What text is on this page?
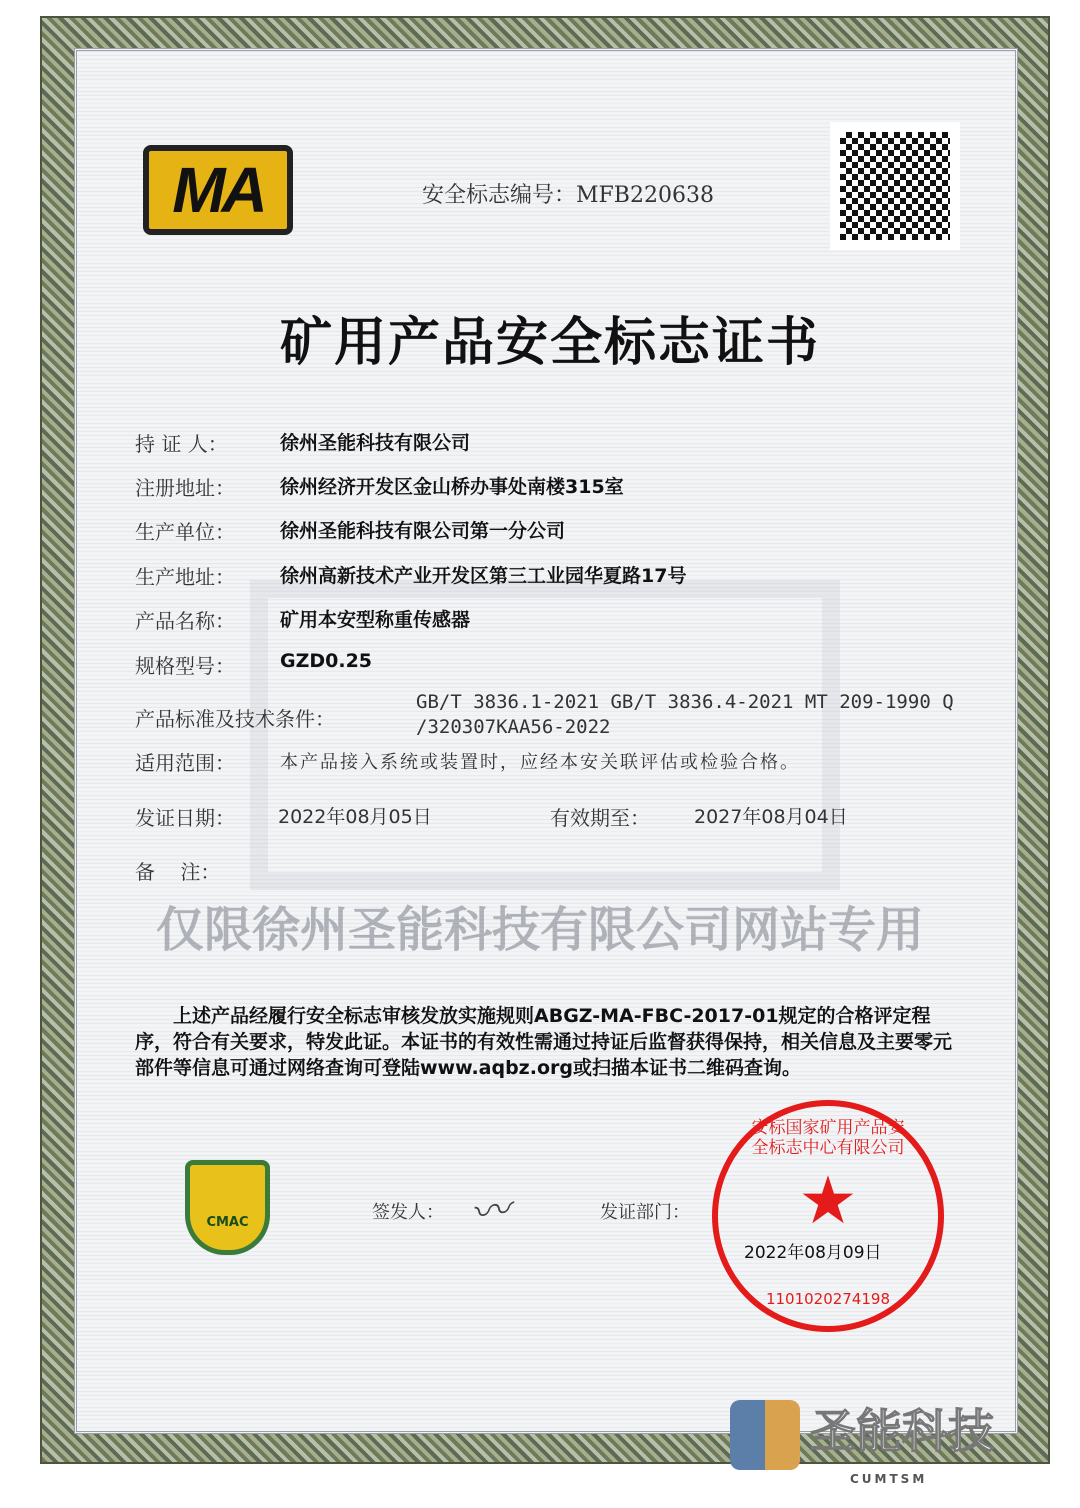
MA	安全标志编号：MFB220638
矿用产品安全标志证书
持 证 人：	徐州圣能科技有限公司
注册地址： 徐州经济开发区金山桥办事处南楼315室
生产单位： 徐州圣能科技有限公司第一分公司
生产地址： 徐州高新技术产业开发区第三工业园华夏路17号
产品名称： 矿用本安型称重传感器
规格型号： GZD0.25
产品标准及技术条件：
GB/T 3836.1-2021 GB/T 3836.4-2021 MT 209-1990 Q
/320307KAA56-2022
适用范围：	本产品接入系统或装置时，应经本安关联评估或检验合格。
发证日期： 2022年08月05日	有效期至： 2027年08月04日
备    注：
仅限徐州圣能科技有限公司网站专用
上述产品经履行安全标志审核发放实施规则ABGZ-MA-FBC-2017-01规定的合格评定程序，符合有关要求，特发此证。本证书的有效性需通过持证后监督获得保持，相关信息及主要零元部件等信息可通过网络查询可登陆www.aqbz.org或扫描本证书二维码查询。
CMAC	签发人： 〰	发证部门：
安标国家矿用产品安全标志中心有限公司
★
1101020274198
2022年08月09日
圣能科技
CUMTSM
